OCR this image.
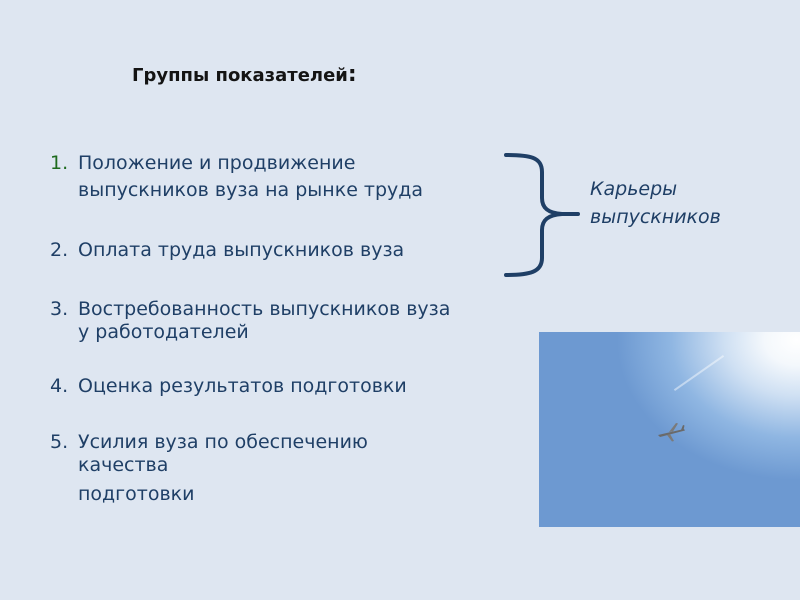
Группы показателей:
1. Положение и продвижение
выпускников вуза на рынке труда
2. Оплата труда выпускников вуза
3. Востребованность выпускников вуза
у работодателей
4. Оценка результатов подготовки
5. Усилия вуза по обеспечению
качества
подготовки
Карьеры
выпускников
